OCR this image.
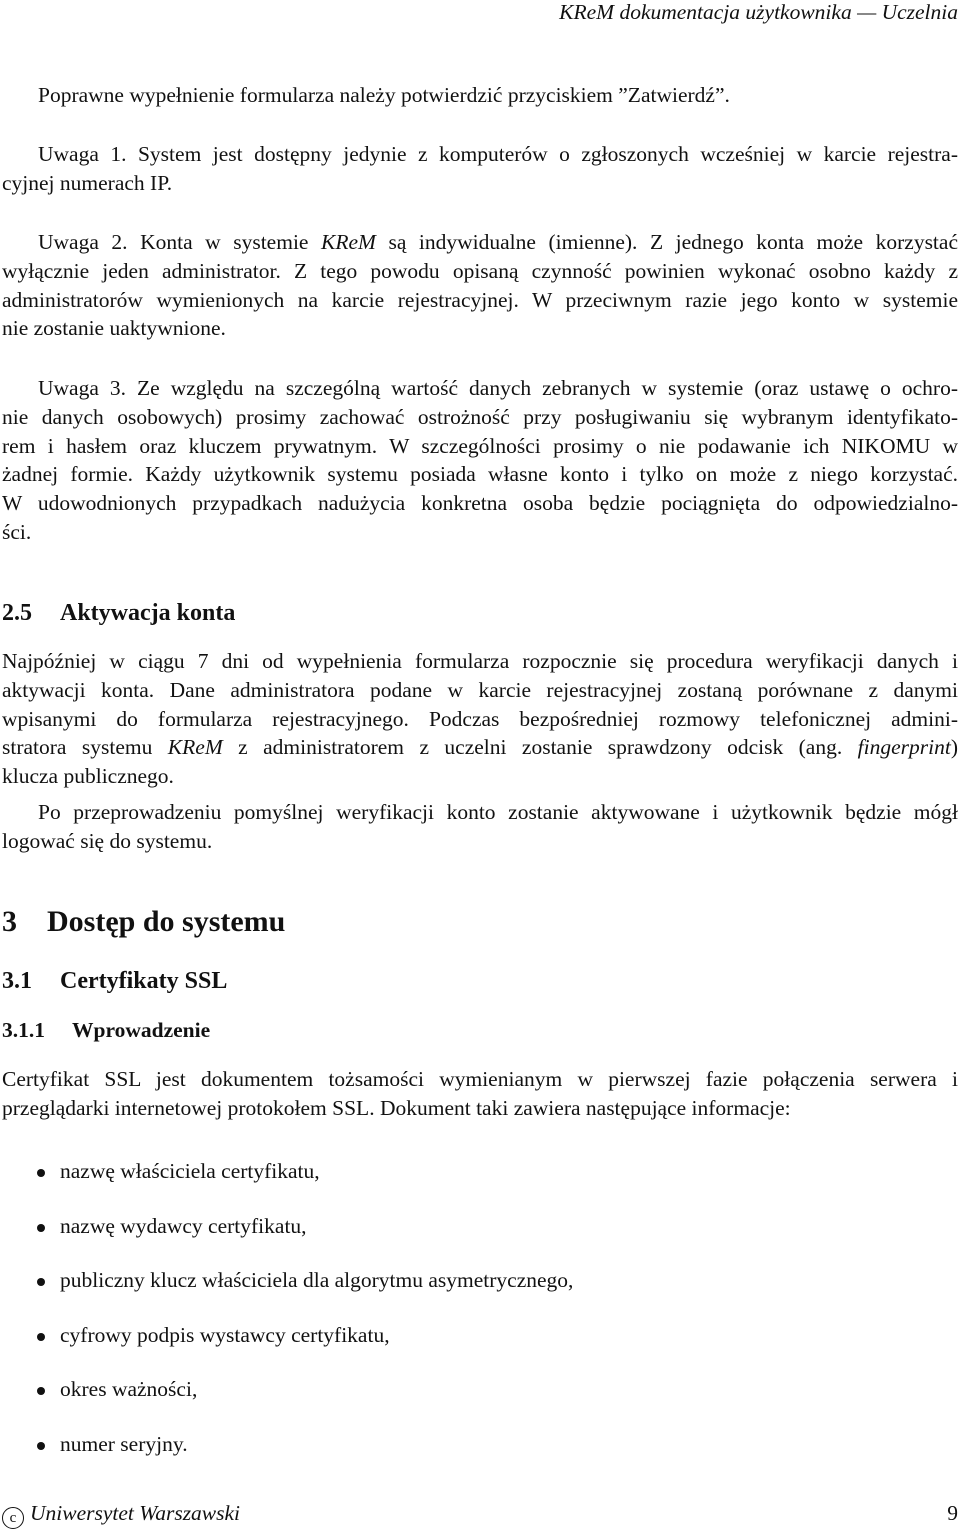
KReM dokumentacja użytkownika — Uczelnia
Poprawne wypełnienie formularza należy potwierdzić przyciskiem ”Zatwierdź”.
Uwaga 1. System jest dostępny jedynie z komputerów o zgłoszonych wcześniej w karcie rejestra-
cyjnej numerach IP.
Uwaga 2. Konta w systemie KReM są indywidualne (imienne). Z jednego konta może korzystać
wyłącznie jeden administrator. Z tego powodu opisaną czynność powinien wykonać osobno każdy z
administratorów wymienionych na karcie rejestracyjnej. W przeciwnym razie jego konto w systemie
nie zostanie uaktywnione.
Uwaga 3. Ze względu na szczególną wartość danych zebranych w systemie (oraz ustawę o ochro-
nie danych osobowych) prosimy zachować ostrożność przy posługiwaniu się wybranym identyfikato-
rem i hasłem oraz kluczem prywatnym. W szczególności prosimy o nie podawanie ich NIKOMU w
żadnej formie. Każdy użytkownik systemu posiada własne konto i tylko on może z niego korzystać.
W udowodnionych przypadkach nadużycia konkretna osoba będzie pociągnięta do odpowiedzialno-
ści.
2.5 Aktywacja konta
Najpóźniej w ciągu 7 dni od wypełnienia formularza rozpocznie się procedura weryfikacji danych i
aktywacji konta. Dane administratora podane w karcie rejestracyjnej zostaną porównane z danymi
wpisanymi do formularza rejestracyjnego. Podczas bezpośredniej rozmowy telefonicznej admini-
stratora systemu KReM z administratorem z uczelni zostanie sprawdzony odcisk (ang. fingerprint)
klucza publicznego.
Po przeprowadzeniu pomyślnej weryfikacji konto zostanie aktywowane i użytkownik będzie mógł
logować się do systemu.
3 Dostęp do systemu
3.1 Certyfikaty SSL
3.1.1 Wprowadzenie
Certyfikat SSL jest dokumentem tożsamości wymienianym w pierwszej fazie połączenia serwera i
przeglądarki internetowej protokołem SSL. Dokument taki zawiera następujące informacje:
nazwę właściciela certyfikatu,
nazwę wydawcy certyfikatu,
publiczny klucz właściciela dla algorytmu asymetrycznego,
cyfrowy podpis wystawcy certyfikatu,
okres ważności,
numer seryjny.
c Uniwersytet Warszawski	9
